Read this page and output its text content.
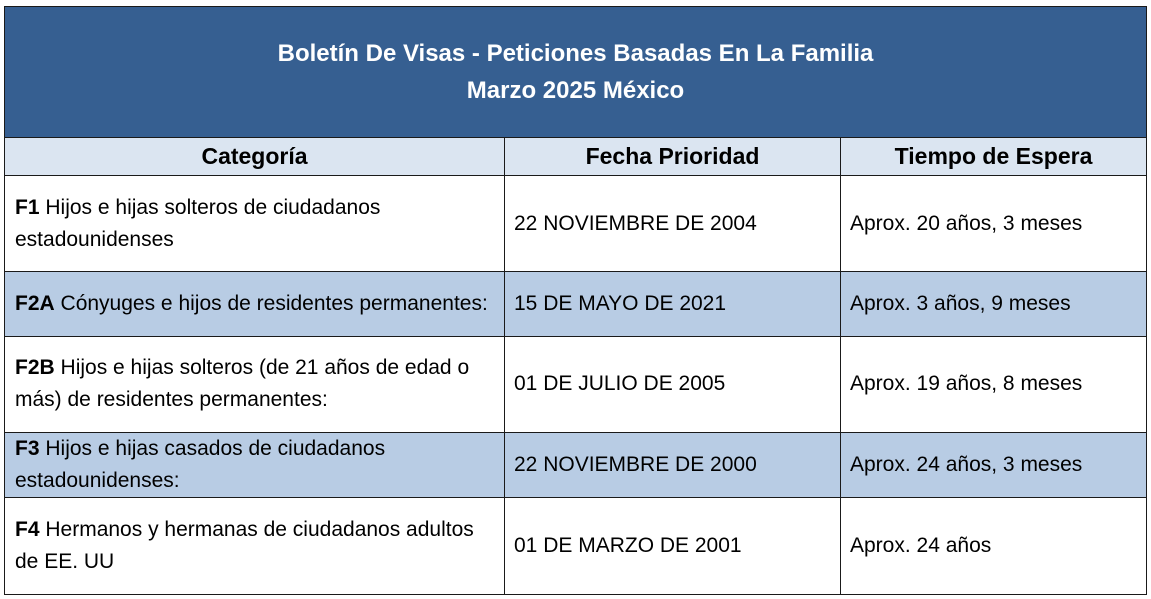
Boletín De Visas - Peticiones Basadas En La Familia
Marzo 2025 México		

Categoría	Fecha Prioridad	Tiempo de Espera
F1 Hijos e hijas solteros de ciudadanos estadounidenses	22 NOVIEMBRE DE 2004	Aprox. 20 años, 3 meses
F2A Cónyuges e hijos de residentes permanentes:	15 DE MAYO DE 2021	Aprox. 3 años, 9 meses
F2B Hijos e hijas solteros (de 21 años de edad o más) de residentes permanentes:	01 DE JULIO DE 2005	Aprox. 19 años, 8 meses
F3 Hijos e hijas casados de ciudadanos estadounidenses:	22 NOVIEMBRE DE 2000	Aprox. 24 años, 3 meses
F4 Hermanos y hermanas de ciudadanos adultos de EE. UU	01 DE MARZO DE 2001	Aprox. 24 años
